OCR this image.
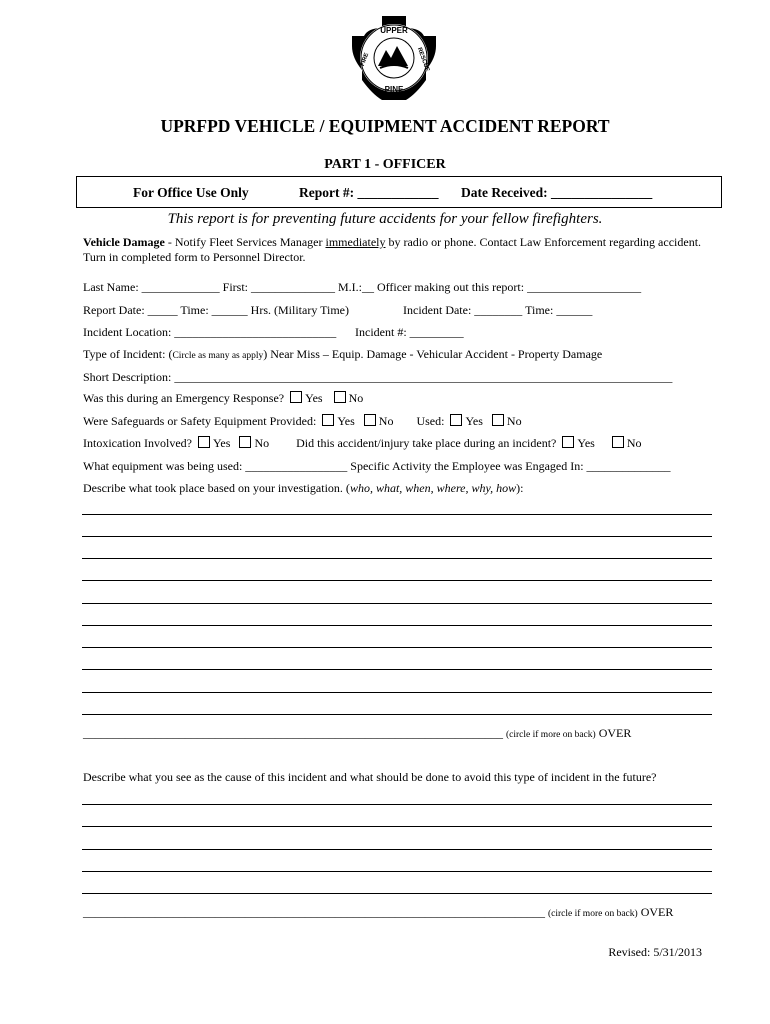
UPPER
PINE
FIRE	RESCUE
UPRFPD VEHICLE / EQUIPMENT ACCIDENT REPORT
PART 1 - OFFICER
For Office Use Only	Report #: ____________ Date Received: _______________
This report is for preventing future accidents for your fellow firefighters.
Vehicle Damage - Notify Fleet Services Manager immediately by radio or phone. Contact Law Enforcement regarding accident. Turn in completed form to Personnel Director.
Last Name: _____________ First: ______________ M.I.:__ Officer making out this report: ___________________
Report Date: _____ Time: ______ Hrs. (Military Time)	Incident Date: ________ Time: ______
Incident Location: ___________________________ Incident #: _________
Type of Incident: (Circle as many as apply) Near Miss – Equip. Damage - Vehicular Accident - Property Damage
Short Description: ___________________________________________________________________________________
Was this during an Emergency Response? Yes No
Were Safeguards or Safety Equipment Provided: Yes No Used: Yes No
Intoxication Involved? Yes No Did this accident/injury take place during an incident? Yes	No
What equipment was being used: _________________ Specific Activity the Employee was Engaged In: ______________
Describe what took place based on your investigation. (who, what, when, where, why, how):
______________________________________________________________________ (circle if more on back) OVER
Describe what you see as the cause of this incident and what should be done to avoid this type of incident in the future?
_____________________________________________________________________________ (circle if more on back) OVER
Revised: 5/31/2013
